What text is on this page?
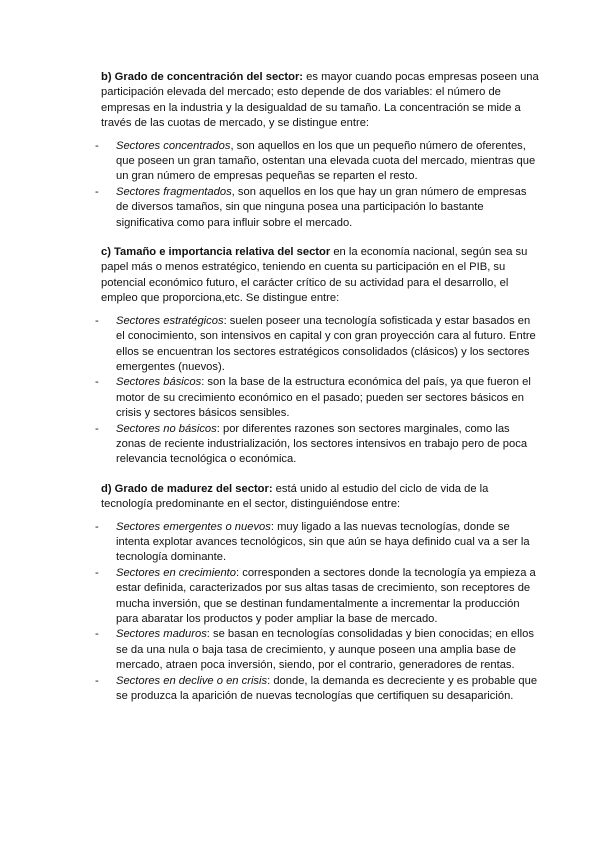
b) Grado de concentración del sector: es mayor cuando pocas empresas poseen una participación elevada del mercado; esto depende de dos variables: el número de empresas en la industria y la desigualdad de su tamaño. La concentración se mide a través de las cuotas de mercado, y se distingue entre:

- Sectores concentrados, son aquellos en los que un pequeño número de oferentes, que poseen un gran tamaño, ostentan una elevada cuota del mercado, mientras que un gran número de empresas pequeñas se reparten el resto.
- Sectores fragmentados, son aquellos en los que hay un gran número de empresas de diversos tamaños, sin que ninguna posea una participación lo bastante significativa como para influir sobre el mercado.

c) Tamaño e importancia relativa del sector en la economía nacional, según sea su papel más o menos estratégico, teniendo en cuenta su participación en el PIB, su potencial económico futuro, el carácter crítico de su actividad para el desarrollo, el empleo que proporciona,etc. Se distingue entre:

- Sectores estratégicos: suelen poseer una tecnología sofisticada y estar basados en el conocimiento, son intensivos en capital y con gran proyección cara al futuro. Entre ellos se encuentran los sectores estratégicos consolidados (clásicos) y los sectores emergentes (nuevos).
- Sectores básicos: son la base de la estructura económica del país, ya que fueron el motor de su crecimiento económico en el pasado; pueden ser sectores básicos en crisis y sectores básicos sensibles.
- Sectores no básicos: por diferentes razones son sectores marginales, como las zonas de reciente industrialización, los sectores intensivos en trabajo pero de poca relevancia tecnológica o económica.

d) Grado de madurez del sector: está unido al estudio del ciclo de vida de la tecnología predominante en el sector, distinguiéndose entre:

- Sectores emergentes o nuevos: muy ligado a las nuevas tecnologías, donde se intenta explotar avances tecnológicos, sin que aún se haya definido cual va a ser la tecnología dominante.
- Sectores en crecimiento: corresponden a sectores donde la tecnología ya empieza a estar definida, caracterizados por sus altas tasas de crecimiento, son receptores de mucha inversión, que se destinan fundamentalmente a incrementar la producción para abaratar los productos y poder ampliar la base de mercado.
- Sectores maduros: se basan en tecnologías consolidadas y bien conocidas; en ellos se da una nula o baja tasa de crecimiento, y aunque poseen una amplia base de mercado, atraen poca inversión, siendo, por el contrario, generadores de rentas.
- Sectores en declive o en crisis: donde, la demanda es decreciente y es probable que se produzca la aparición de nuevas tecnologías que certifiquen su desaparición.
